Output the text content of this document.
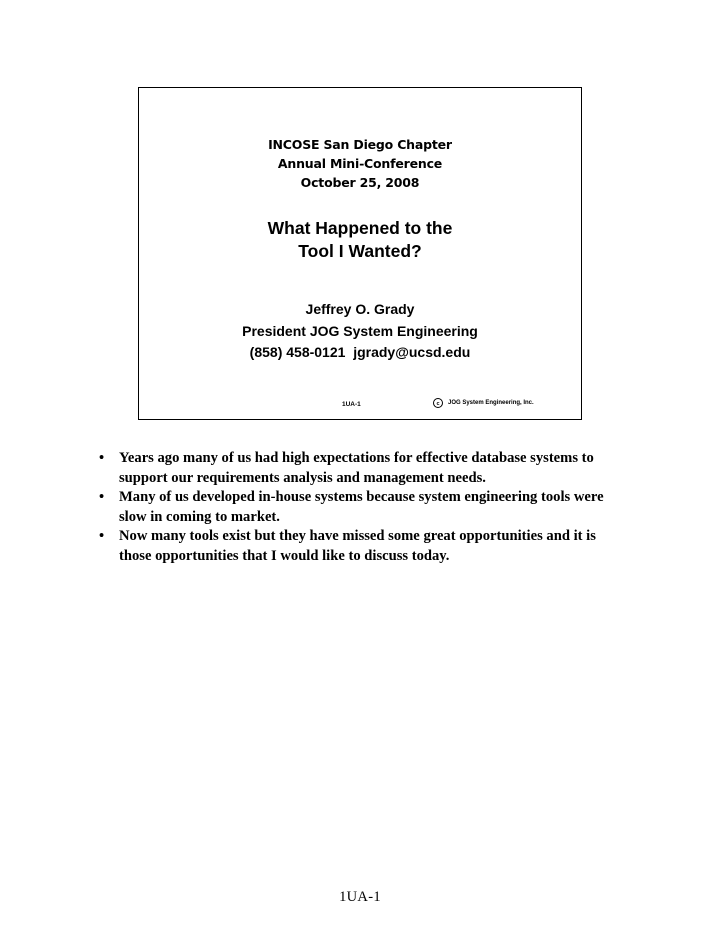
INCOSE San Diego Chapter
Annual Mini-Conference
October 25, 2008
What Happened to the
Tool I Wanted?
Jeffrey O. Grady
President JOG System Engineering
(858) 458-0121  jgrady@ucsd.edu
1UA-1	c	JOG System Engineering, Inc.
• Years ago many of us had high expectations for effective database systems to support our requirements analysis and management needs.
• Many of us developed in-house systems because system engineering tools were slow in coming to market.
• Now many tools exist but they have missed some great opportunities and it is those opportunities that I would like to discuss today.
1UA-1
